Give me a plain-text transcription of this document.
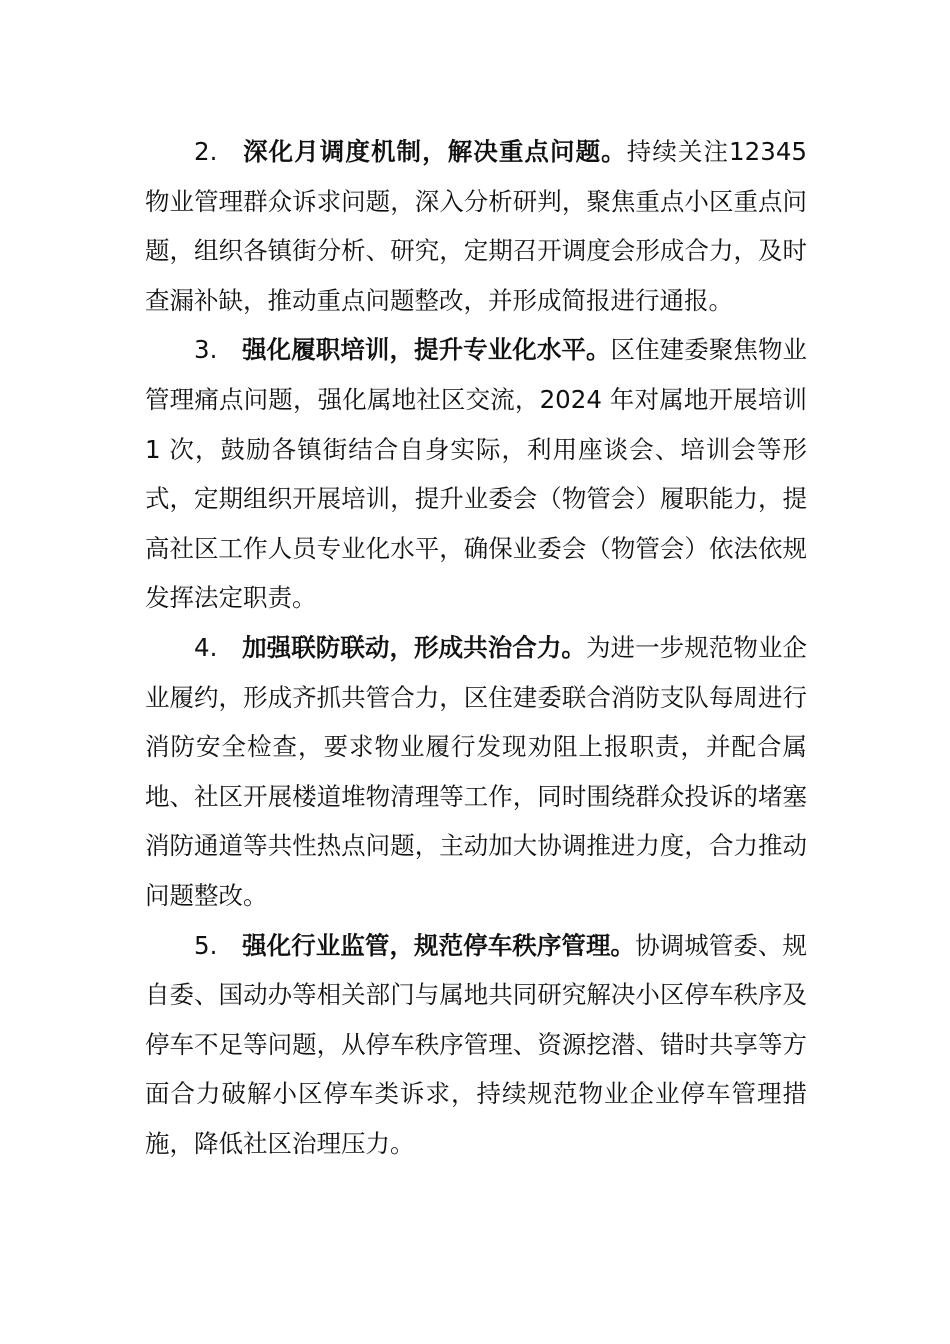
2. 深化月调度机制，解决重点问题。持续关注12345 物业管理群众诉求问题，深入分析研判，聚焦重点小区重点问题，组织各镇街分析、研究，定期召开调度会形成合力，及时查漏补缺，推动重点问题整改，并形成简报进行通报。

3. 强化履职培训，提升专业化水平。区住建委聚焦物业管理痛点问题，强化属地社区交流，2024 年对属地开展培训 1 次，鼓励各镇街结合自身实际，利用座谈会、培训会等形式，定期组织开展培训，提升业委会（物管会）履职能力，提高社区工作人员专业化水平，确保业委会（物管会）依法依规发挥法定职责。

4. 加强联防联动，形成共治合力。为进一步规范物业企业履约，形成齐抓共管合力，区住建委联合消防支队每周进行消防安全检查，要求物业履行发现劝阻上报职责，并配合属地、社区开展楼道堆物清理等工作，同时围绕群众投诉的堵塞消防通道等共性热点问题，主动加大协调推进力度，合力推动问题整改。

5. 强化行业监管，规范停车秩序管理。协调城管委、规自委、国动办等相关部门与属地共同研究解决小区停车秩序及停车不足等问题，从停车秩序管理、资源挖潜、错时共享等方面合力破解小区停车类诉求，持续规范物业企业停车管理措施，降低社区治理压力。
